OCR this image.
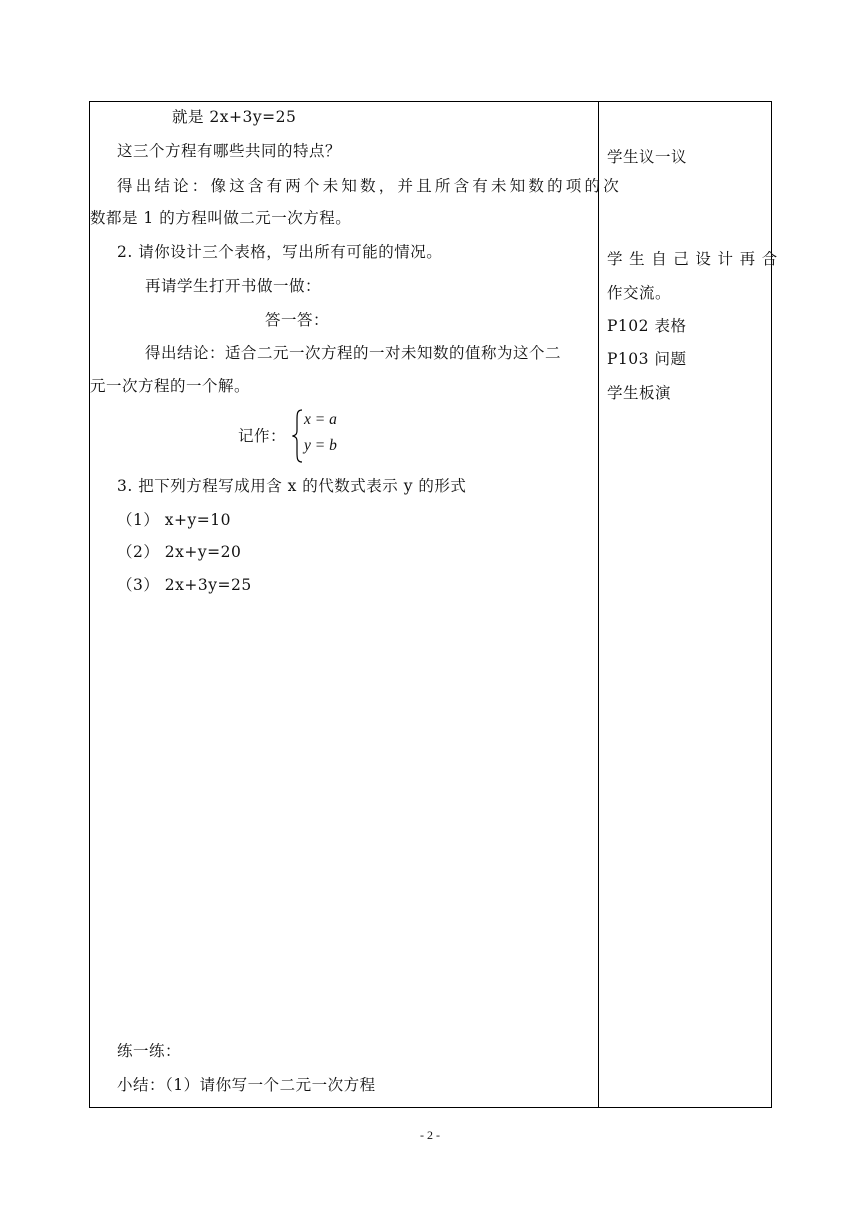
就是 2x+3y=25
这三个方程有哪些共同的特点？
得出结论：像这含有两个未知数，并且所含有未知数的项的次
数都是 1 的方程叫做二元一次方程。
2. 请你设计三个表格，写出所有可能的情况。
再请学生打开书做一做：
答一答：
得出结论：适合二元一次方程的一对未知数的值称为这个二
元一次方程的一个解。
记作：
x = a
y = b
3. 把下列方程写成用含 x 的代数式表示 y 的形式
（1） x+y=10
（2） 2x+y=20
（3） 2x+3y=25
练一练：
小结：（1）请你写一个二元一次方程
学生议一议
学生自己设计再合
作交流。
P102 表格
P103 问题
学生板演
- 2 -
